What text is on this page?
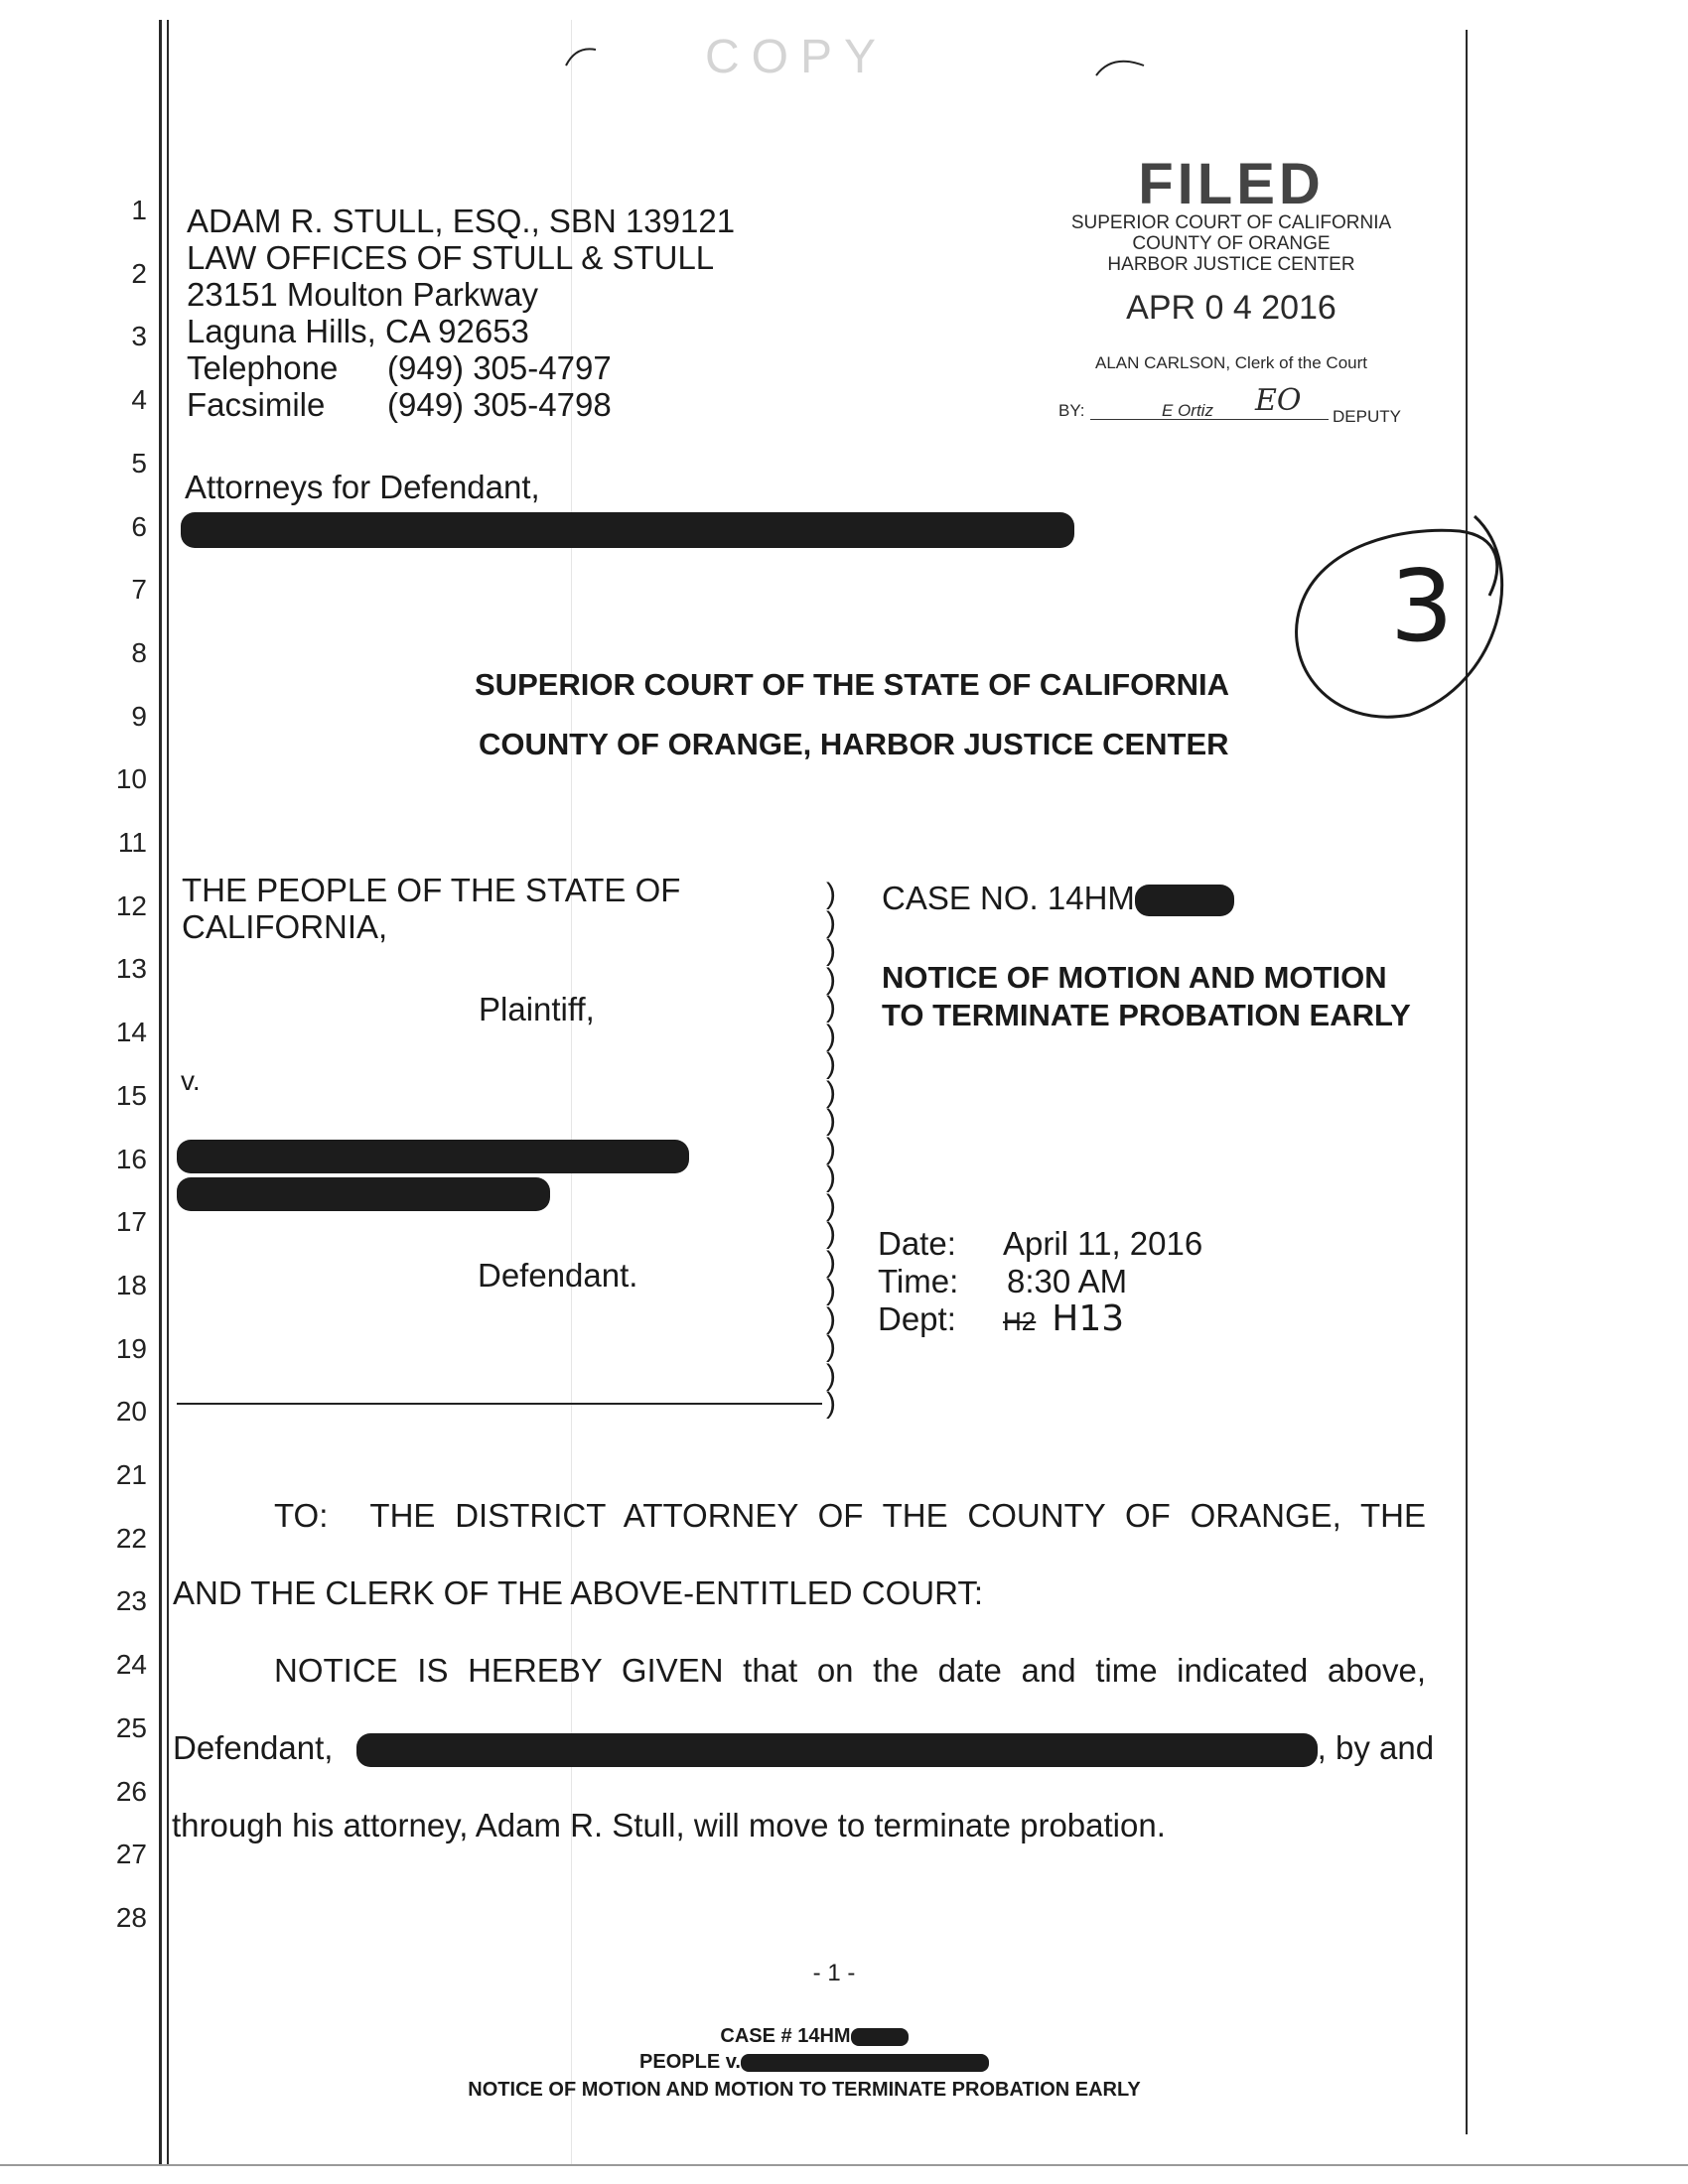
COPY
1
2
3
4
5
6
7
8
9
10
11
12
13
14
15
16
17
18
19
20
21
22
23
24
25
26
27
28
ADAM R. STULL, ESQ., SBN 139121
LAW OFFICES OF STULL & STULL
23151 Moulton Parkway
Laguna Hills, CA 92653
Telephone (949) 305-4797
Facsimile (949) 305-4798
Attorneys for Defendant,
FILED
SUPERIOR COURT OF CALIFORNIA
COUNTY OF ORANGE
HARBOR JUSTICE CENTER
APR 0 4 2016
ALAN CARLSON, Clerk of the Court
BY:	E Ortiz EO DEPUTY
3
SUPERIOR COURT OF THE STATE OF CALIFORNIA
COUNTY OF ORANGE, HARBOR JUSTICE CENTER
THE PEOPLE OF THE STATE OF
CALIFORNIA,
Plaintiff,
v.
Defendant.
)
)
)
)
)
)
)
)
)
)
)
)
)
)
)
)
)
)
)
CASE NO. 14HM
NOTICE OF MOTION AND MOTION
TO TERMINATE PROBATION EARLY
Date: April 11, 2016
Time: 8:30 AM
Dept: H2 H13
TO: THE DISTRICT ATTORNEY OF THE COUNTY OF ORANGE, THE
AND THE CLERK OF THE ABOVE-ENTITLED COURT:
NOTICE IS HEREBY GIVEN that on the date and time indicated above,
Defendant,	, by and
through his attorney, Adam R. Stull, will move to terminate probation.
- 1 -
CASE # 14HM
PEOPLE v.
NOTICE OF MOTION AND MOTION TO TERMINATE PROBATION EARLY
